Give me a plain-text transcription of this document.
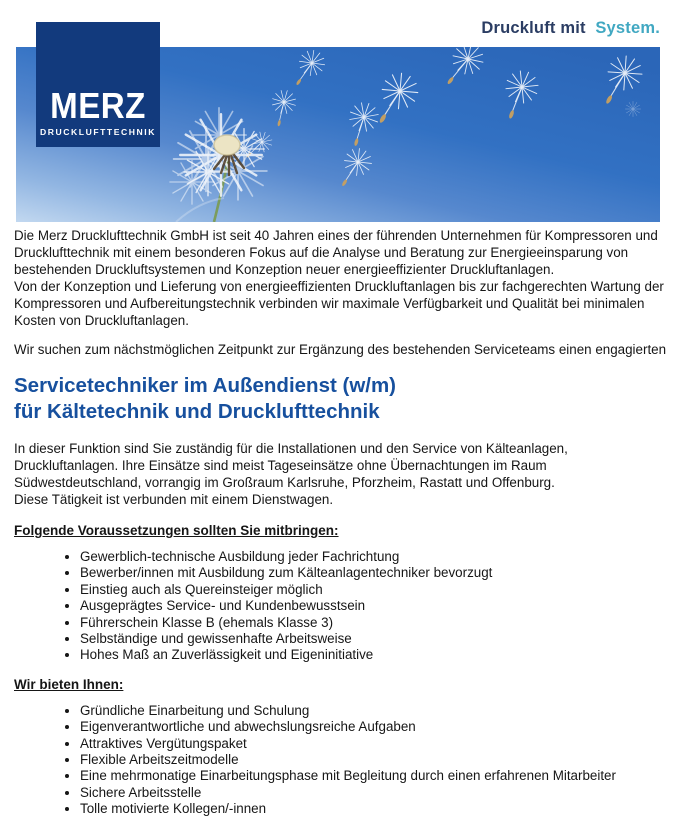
Druckluft mit System.
MERZ
DRUCKLUFTTECHNIK
Die Merz Drucklufttechnik GmbH ist seit 40 Jahren eines der führenden Unternehmen für Kompressoren und
Drucklufttechnik mit einem besonderen Fokus auf die Analyse und Beratung zur Energieeinsparung von
bestehenden Druckluftsystemen und Konzeption neuer energieeffizienter Druckluftanlagen.
Von der Konzeption und Lieferung von energieeffizienten Druckluftanlagen bis zur fachgerechten Wartung der
Kompressoren und Aufbereitungstechnik verbinden wir maximale Verfügbarkeit und Qualität bei minimalen
Kosten von Druckluftanlagen.
Wir suchen zum nächstmöglichen Zeitpunkt zur Ergänzung des bestehenden Serviceteams einen engagierten
Servicetechniker im Außendienst (w/m)
für Kältetechnik und Drucklufttechnik
In dieser Funktion sind Sie zuständig für die Installationen und den Service von Kälteanlagen,
Druckluftanlagen. Ihre Einsätze sind meist Tageseinsätze ohne Übernachtungen im Raum
Südwestdeutschland, vorrangig im Großraum Karlsruhe, Pforzheim, Rastatt und Offenburg.
Diese Tätigkeit ist verbunden mit einem Dienstwagen.
Folgende Voraussetzungen sollten Sie mitbringen:
• Gewerblich-technische Ausbildung jeder Fachrichtung
• Bewerber/innen mit Ausbildung zum Kälteanlagentechniker bevorzugt
• Einstieg auch als Quereinsteiger möglich
• Ausgeprägtes Service- und Kundenbewusstsein
• Führerschein Klasse B (ehemals Klasse 3)
• Selbständige und gewissenhafte Arbeitsweise
• Hohes Maß an Zuverlässigkeit und Eigeninitiative
Wir bieten Ihnen:
• Gründliche Einarbeitung und Schulung
• Eigenverantwortliche und abwechslungsreiche Aufgaben
• Attraktives Vergütungspaket
• Flexible Arbeitszeitmodelle
• Eine mehrmonatige Einarbeitungsphase mit Begleitung durch einen erfahrenen Mitarbeiter
• Sichere Arbeitsstelle
• Tolle motivierte Kollegen/-innen
